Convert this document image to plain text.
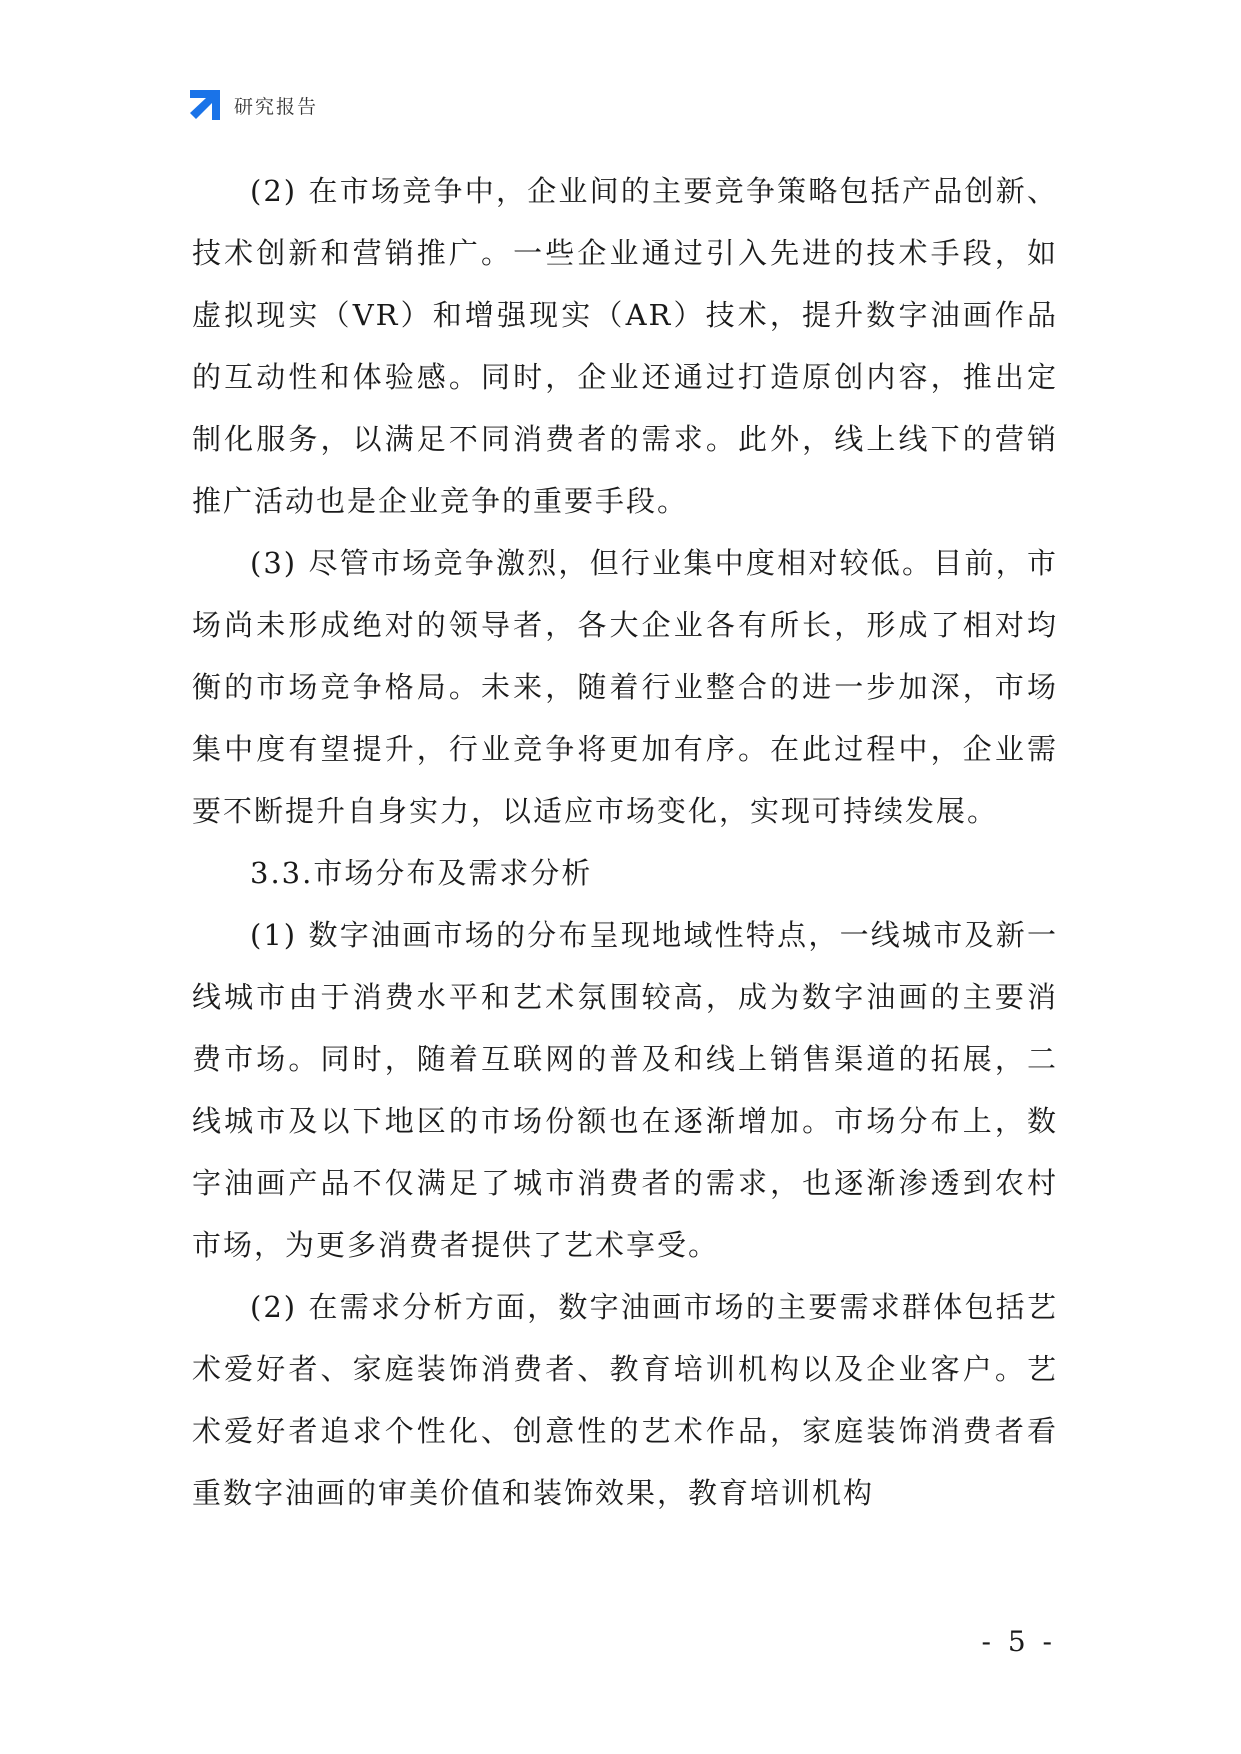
研究报告

(2) 在市场竞争中，企业间的主要竞争策略包括产品创新、技术创新和营销推广。一些企业通过引入先进的技术手段，如虚拟现实（VR）和增强现实（AR）技术，提升数字油画作品的互动性和体验感。同时，企业还通过打造原创内容，推出定制化服务，以满足不同消费者的需求。此外，线上线下的营销推广活动也是企业竞争的重要手段。

(3) 尽管市场竞争激烈，但行业集中度相对较低。目前，市场尚未形成绝对的领导者，各大企业各有所长，形成了相对均衡的市场竞争格局。未来，随着行业整合的进一步加深，市场集中度有望提升，行业竞争将更加有序。在此过程中，企业需要不断提升自身实力，以适应市场变化，实现可持续发展。

3.3.市场分布及需求分析

(1) 数字油画市场的分布呈现地域性特点，一线城市及新一线城市由于消费水平和艺术氛围较高，成为数字油画的主要消费市场。同时，随着互联网的普及和线上销售渠道的拓展，二线城市及以下地区的市场份额也在逐渐增加。市场分布上，数字油画产品不仅满足了城市消费者的需求，也逐渐渗透到农村市场，为更多消费者提供了艺术享受。

(2) 在需求分析方面，数字油画市场的主要需求群体包括艺术爱好者、家庭装饰消费者、教育培训机构以及企业客户。艺术爱好者追求个性化、创意性的艺术作品，家庭装饰消费者看重数字油画的审美价值和装饰效果，教育培训机构

- 5 -
